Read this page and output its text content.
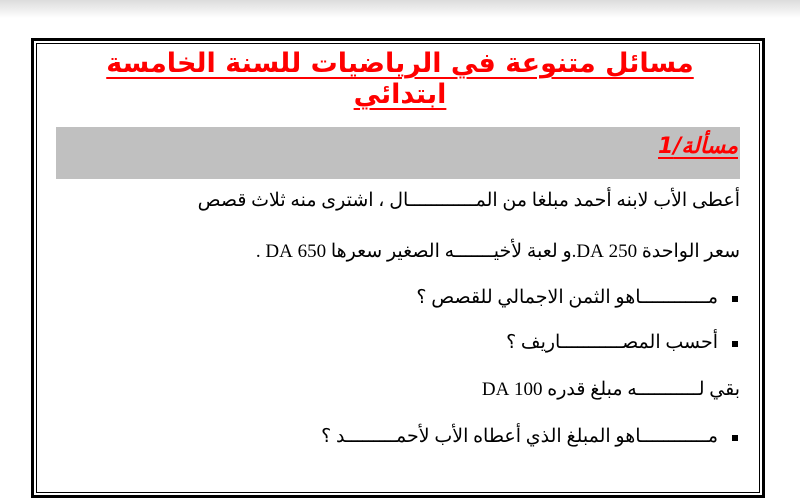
مسائل متنوعة في الرياضيات للسنة الخامسة ابتدائي
مسألة/1
أعطى الأب لابنه أحمد مبلغا من المــــــــــــال ، اشترى منه ثلاث قصص
سعر الواحدة 250 DA.و لعبة لأخيـــــــه الصغير سعرها 650 DA .
مــــــــــــاهو الثمن الاجمالي للقصص ؟
أحسب المصـــــــــــاريف ؟
بقي لـــــــــــه مبلغ قدره 100 DA
مــــــــــــاهو المبلغ الذي أعطاه الأب لأحمـــــــــد ؟
